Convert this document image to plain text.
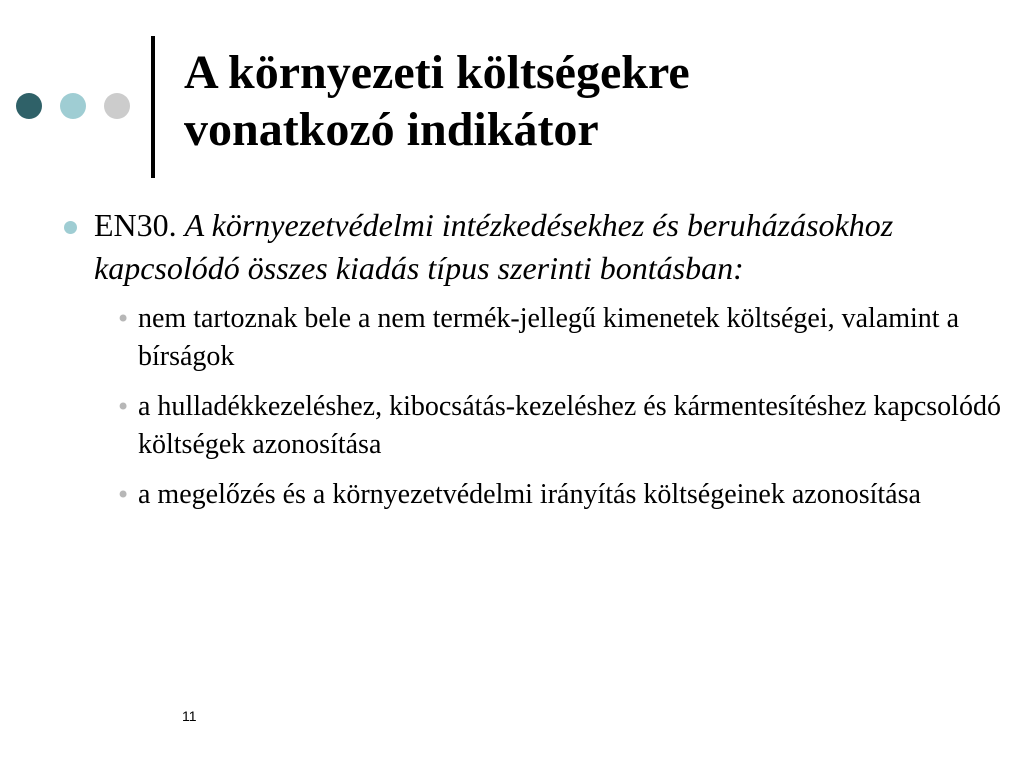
A környezeti költségekre
vonatkozó indikátor
EN30. A környezetvédelmi intézkedésekhez és beruházásokhoz kapcsolódó összes kiadás típus szerinti bontásban:
• nem tartoznak bele a nem termék-jellegű kimenetek költségei, valamint a bírságok
• a hulladékkezeléshez, kibocsátás-kezeléshez és kármentesítéshez kapcsolódó költségek azonosítása
• a megelőzés és a környezetvédelmi irányítás költségeinek azonosítása
11
